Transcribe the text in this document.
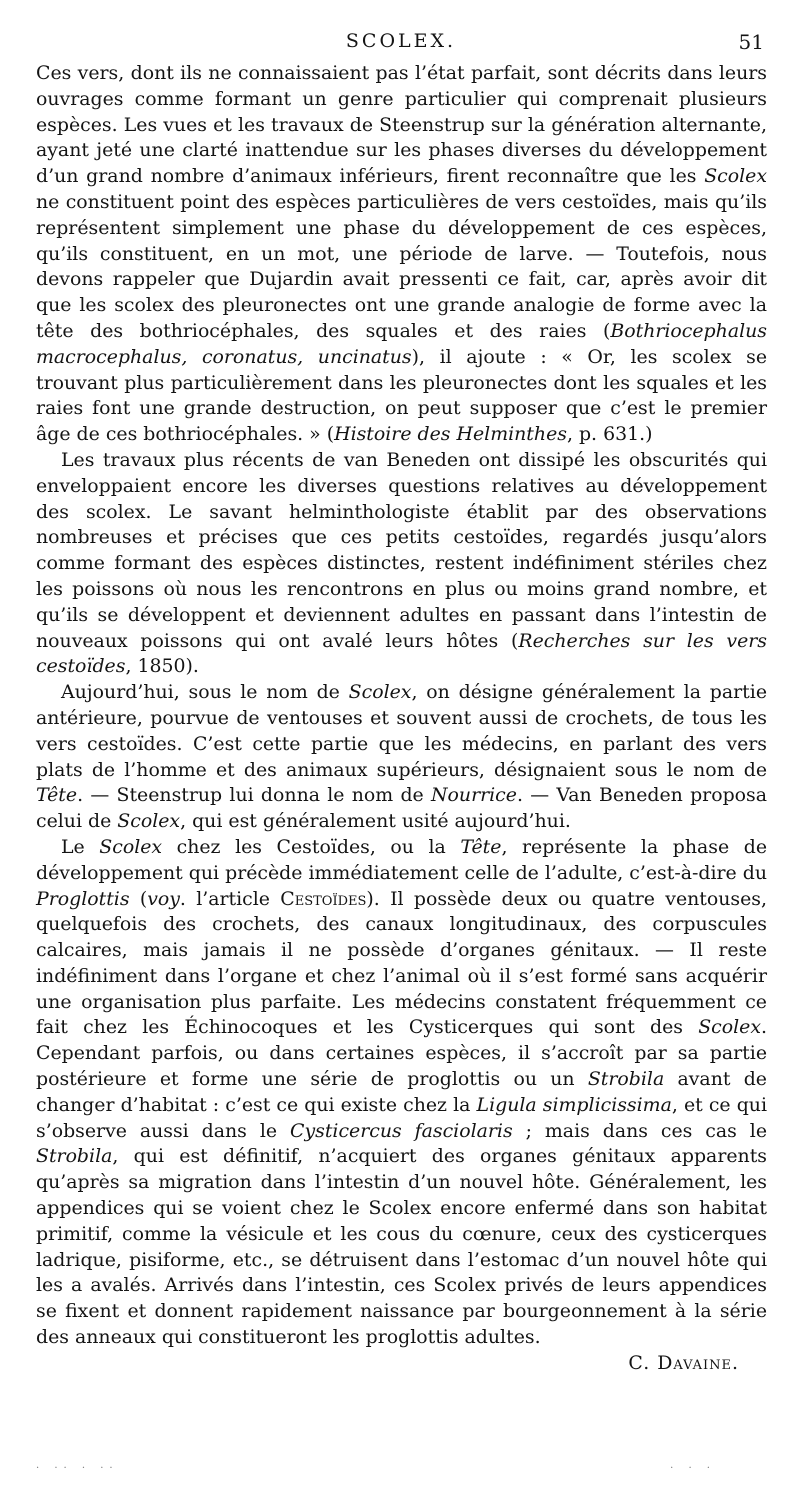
SCOLEX.	51

Ces vers, dont ils ne connaissaient pas l’état parfait, sont décrits dans leurs ouvrages comme formant un genre particulier qui comprenait plusieurs espèces. Les vues et les travaux de Steenstrup sur la génération alternante, ayant jeté une clarté inattendue sur les phases diverses du développement d’un grand nombre d’animaux inférieurs, firent reconnaître que les Scolex ne constituent point des espèces particulières de vers cestoïdes, mais qu’ils représentent simplement une phase du développement de ces espèces, qu’ils constituent, en un mot, une période de larve. — Toutefois, nous devons rappeler que Dujardin avait pressenti ce fait, car, après avoir dit que les scolex des pleuronectes ont une grande analogie de forme avec la tête des bothriocéphales, des squales et des raies (Bothriocephalus macrocephalus, coronatus, uncinatus), il ajoute : « Or, les scolex se trouvant plus particulièrement dans les pleuronectes dont les squales et les raies font une grande destruction, on peut supposer que c’est le premier âge de ces bothriocéphales. » (Histoire des Helminthes, p. 631.)

Les travaux plus récents de van Beneden ont dissipé les obscurités qui enveloppaient encore les diverses questions relatives au développement des scolex. Le savant helminthologiste établit par des observations nombreuses et précises que ces petits cestoïdes, regardés jusqu’alors comme formant des espèces distinctes, restent indéfiniment stériles chez les poissons où nous les rencontrons en plus ou moins grand nombre, et qu’ils se développent et deviennent adultes en passant dans l’intestin de nouveaux poissons qui ont avalé leurs hôtes (Recherches sur les vers cestoïdes, 1850).

Aujourd’hui, sous le nom de Scolex, on désigne généralement la partie antérieure, pourvue de ventouses et souvent aussi de crochets, de tous les vers cestoïdes. C’est cette partie que les médecins, en parlant des vers plats de l’homme et des animaux supérieurs, désignaient sous le nom de Tête. — Steenstrup lui donna le nom de Nourrice. — Van Beneden proposa celui de Scolex, qui est généralement usité aujourd’hui.

Le Scolex chez les Cestoïdes, ou la Tête, représente la phase de développement qui précède immédiatement celle de l’adulte, c’est-à-dire du Proglottis (voy. l’article Cestoïdes). Il possède deux ou quatre ventouses, quelquefois des crochets, des canaux longitudinaux, des corpuscules calcaires, mais jamais il ne possède d’organes génitaux. — Il reste indéfiniment dans l’organe et chez l’animal où il s’est formé sans acquérir une organisation plus parfaite. Les médecins constatent fréquemment ce fait chez les Échinocoques et les Cysticerques qui sont des Scolex. Cependant parfois, ou dans certaines espèces, il s’accroît par sa partie postérieure et forme une série de proglottis ou un Strobila avant de changer d’habitat : c’est ce qui existe chez la Ligula simplicissima, et ce qui s’observe aussi dans le Cysticercus fasciolaris ; mais dans ces cas le Strobila, qui est définitif, n’acquiert des organes génitaux apparents qu’après sa migration dans l’intestin d’un nouvel hôte. Généralement, les appendices qui se voient chez le Scolex encore enfermé dans son habitat primitif, comme la vésicule et les cous du cœnure, ceux des cysticerques ladrique, pisiforme, etc., se détruisent dans l’estomac d’un nouvel hôte qui les a avalés. Arrivés dans l’intestin, ces Scolex privés de leurs appendices se fixent et donnent rapidement naissance par bourgeonnement à la série des anneaux qui constitueront les proglottis adultes.
C. Davaine.

. .. . ..	. . .
